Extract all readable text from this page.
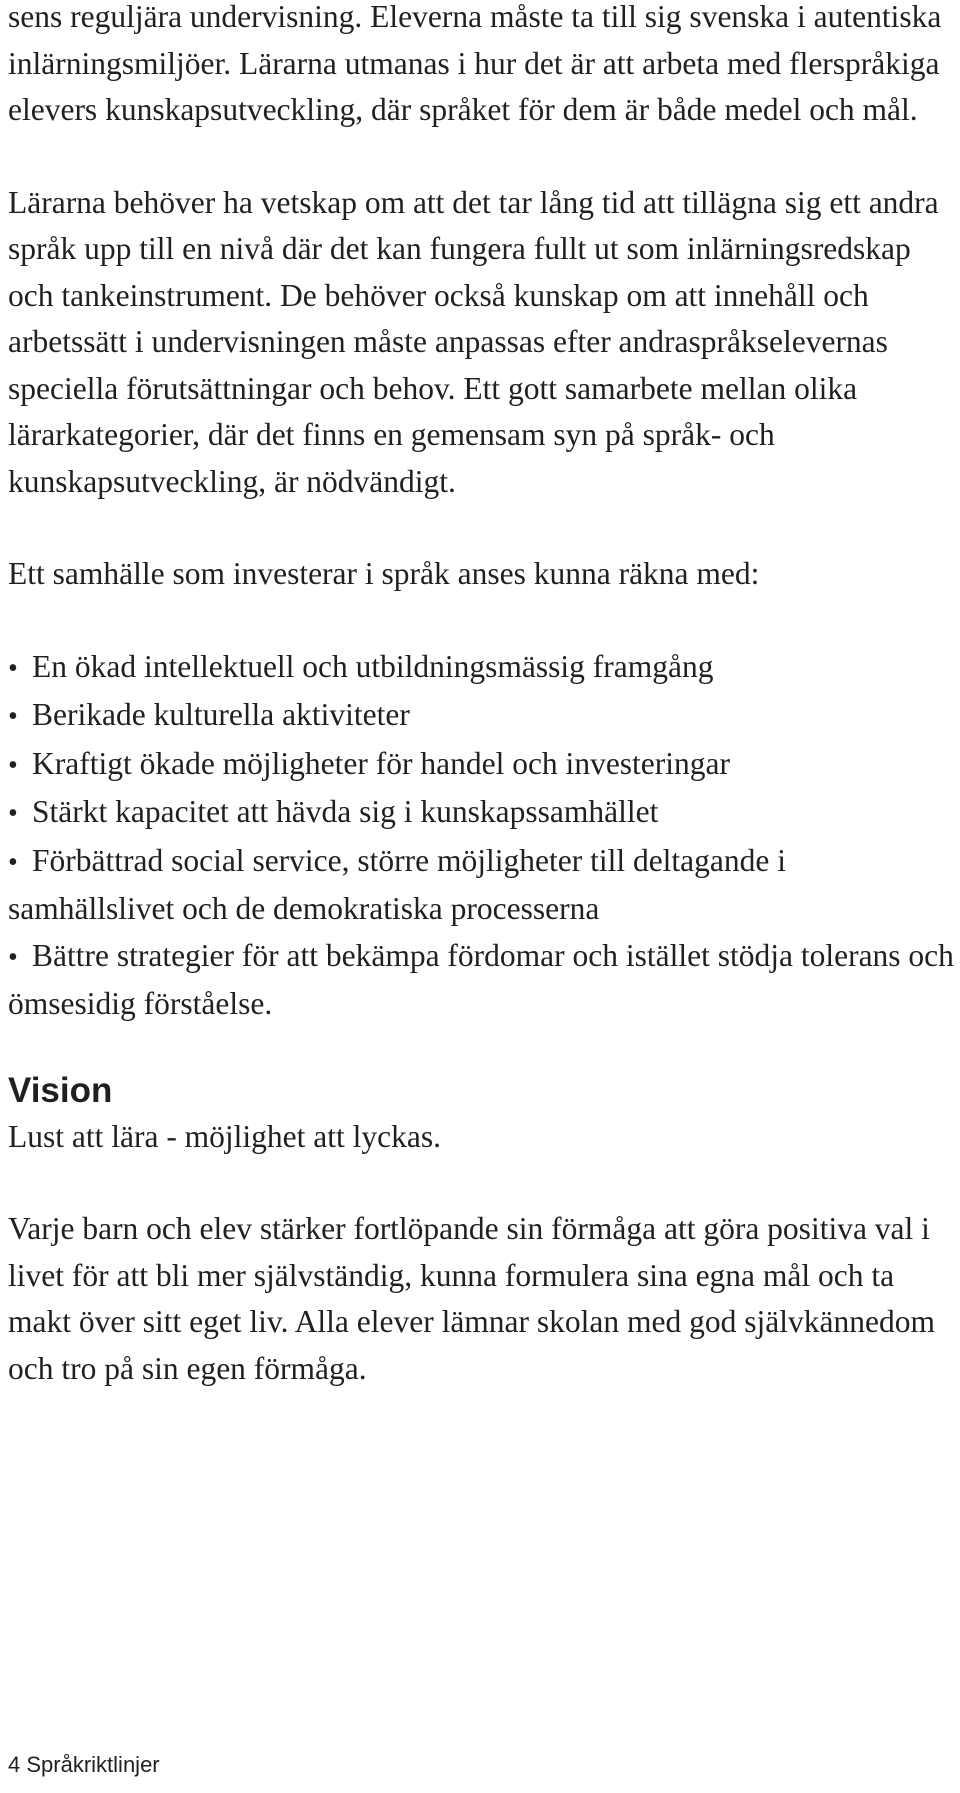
sens reguljära undervisning. Eleverna måste ta till sig svenska i autentiska inlärningsmiljöer. Lärarna utmanas i hur det är att arbeta med flerspråkiga elevers kunskapsutveckling, där språket för dem är både medel och mål.

Lärarna behöver ha vetskap om att det tar lång tid att tillägna sig ett andra språk upp till en nivå där det kan fungera fullt ut som inlärningsredskap och tankeinstrument. De behöver också kunskap om att innehåll och arbetssätt i undervisningen måste anpassas efter andraspråkselevernas speciella förutsättningar och behov. Ett gott samarbete mellan olika lärarkategorier, där det finns en gemensam syn på språk- och kunskapsutveckling, är nödvändigt.

Ett samhälle som investerar i språk anses kunna räkna med:

• En ökad intellektuell och utbildningsmässig framgång
• Berikade kulturella aktiviteter
• Kraftigt ökade möjligheter för handel och investeringar
• Stärkt kapacitet att hävda sig i kunskapssamhället
• Förbättrad social service, större möjligheter till deltagande i samhällslivet och de demokratiska processerna
• Bättre strategier för att bekämpa fördomar och istället stödja tolerans och ömsesidig förståelse.
Vision

Lust att lära - möjlighet att lyckas.

Varje barn och elev stärker fortlöpande sin förmåga att göra positiva val i livet för att bli mer självständig, kunna formulera sina egna mål och ta makt över sitt eget liv. Alla elever lämnar skolan med god självkännedom och tro på sin egen förmåga.

4 Språkriktlinjer
